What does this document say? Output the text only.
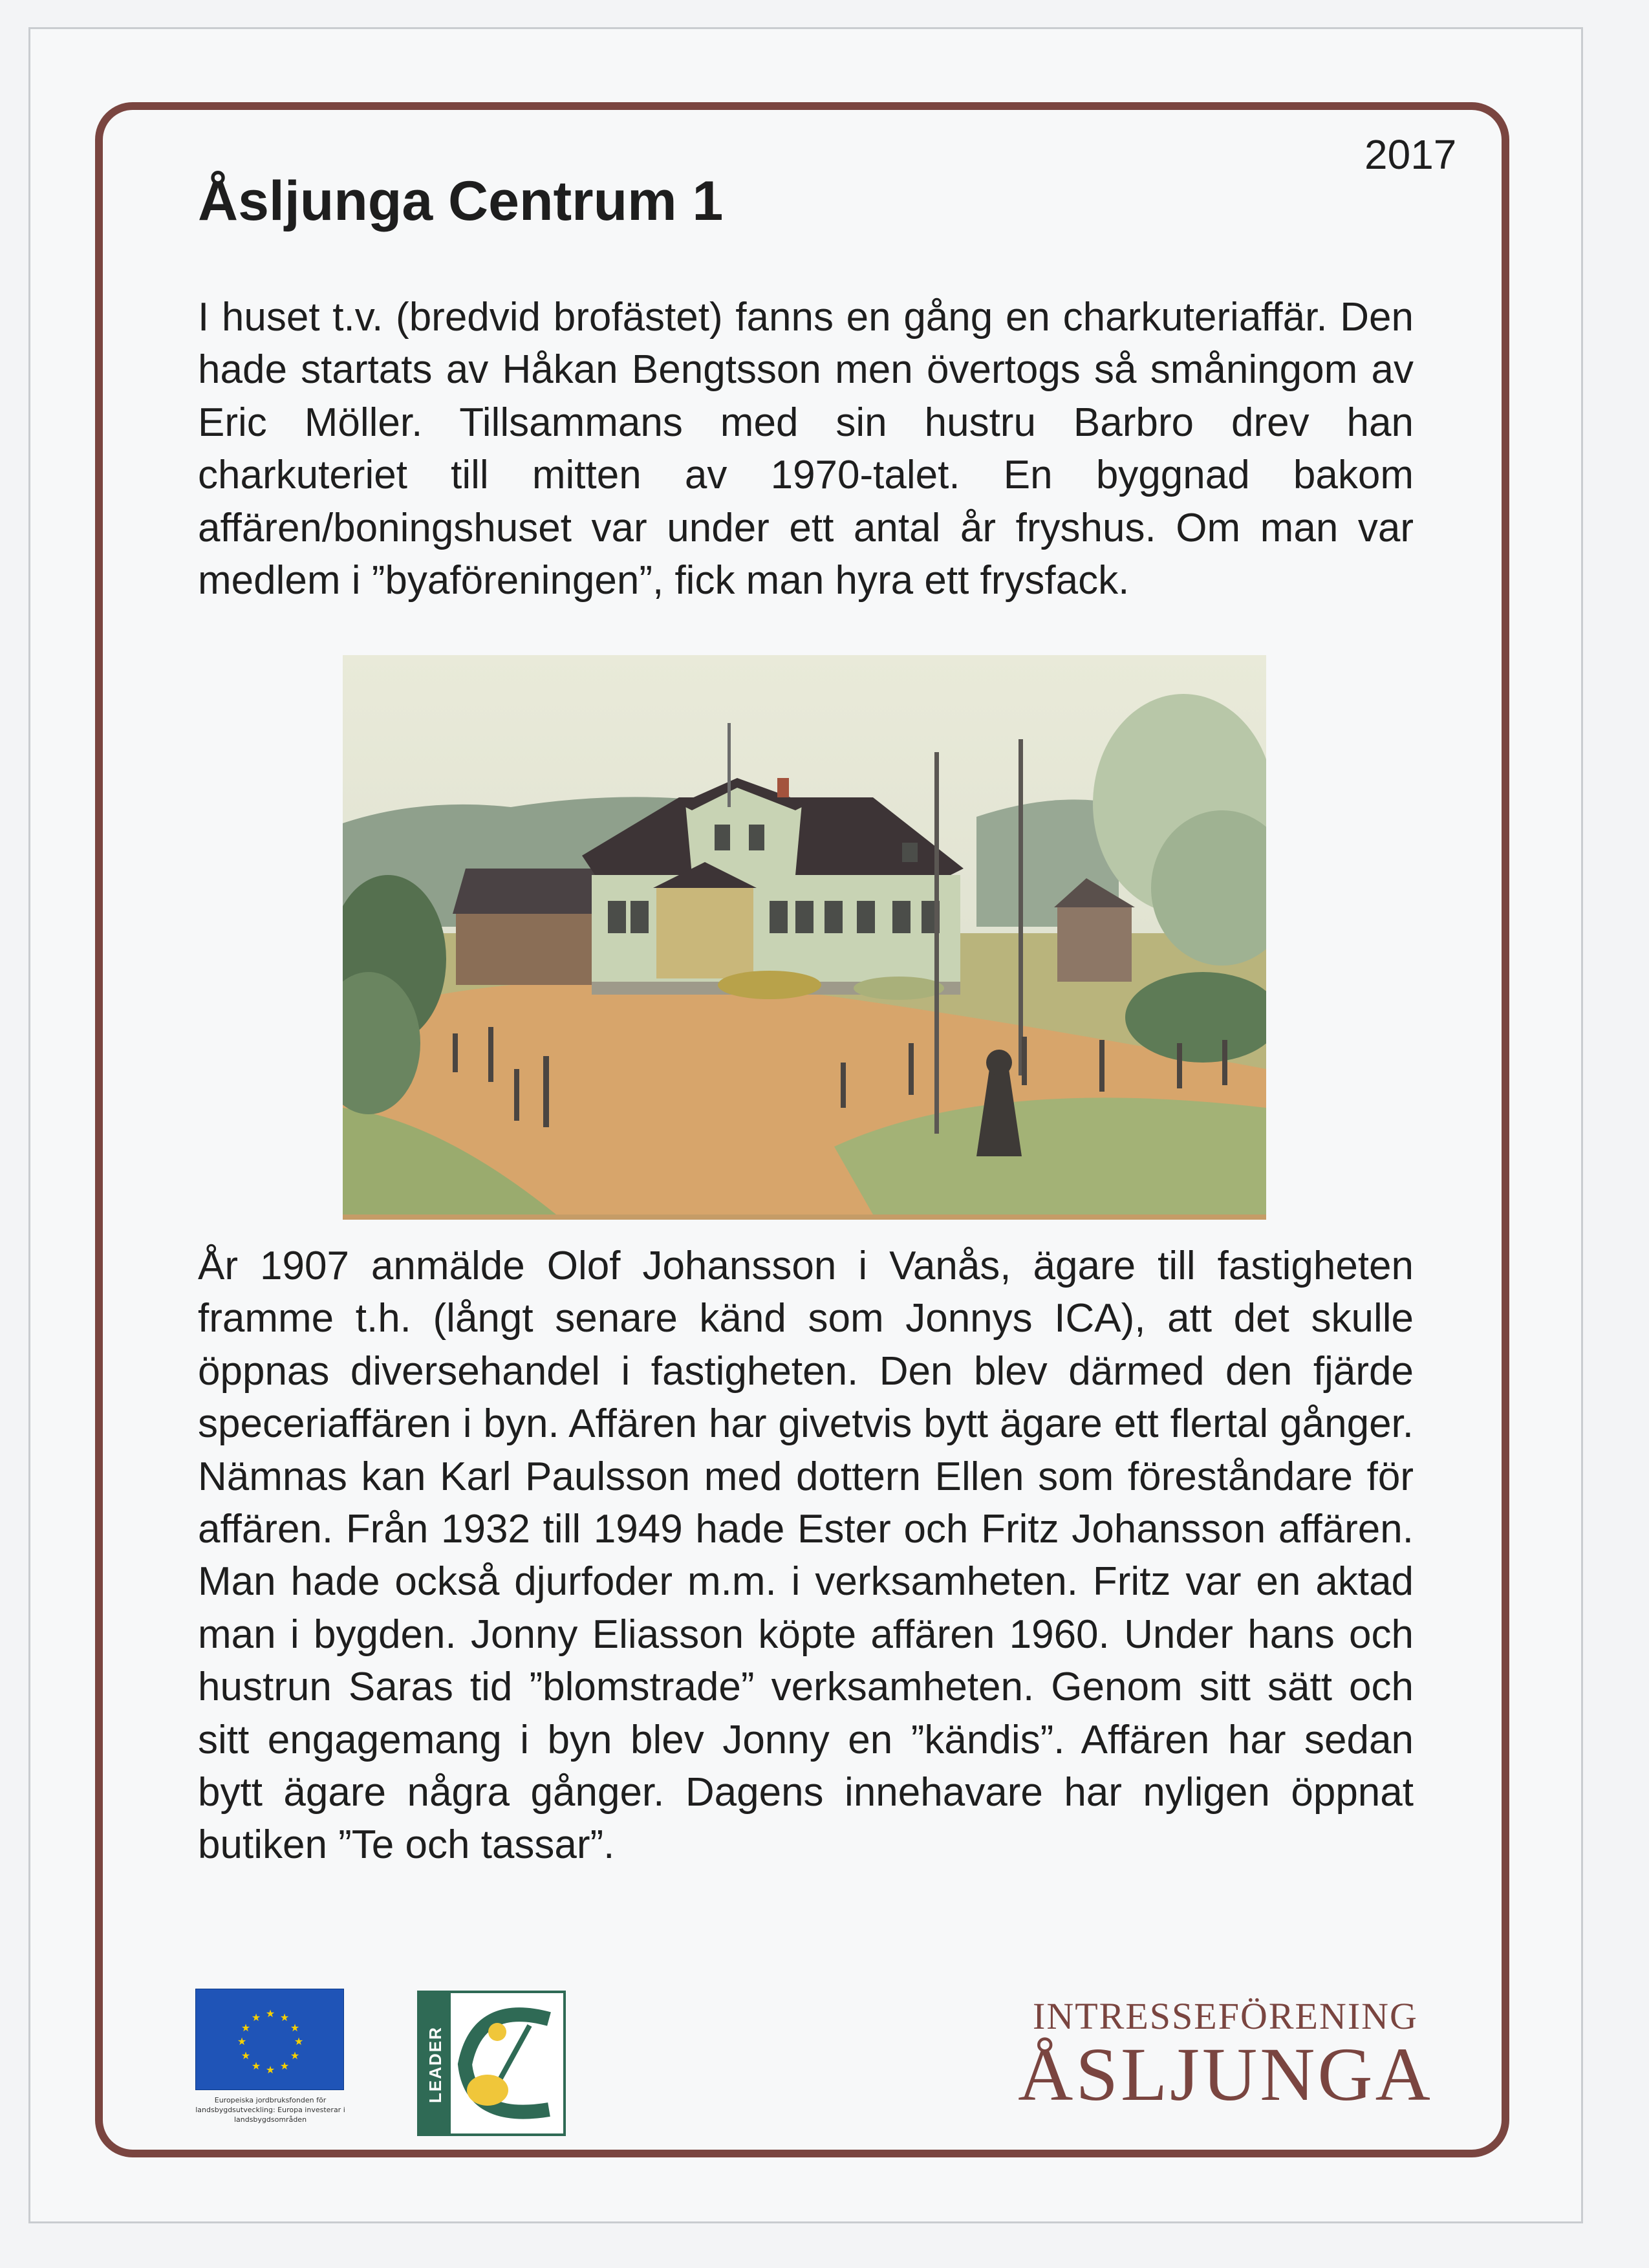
2017
Åsljunga Centrum 1

I huset t.v. (bredvid brofästet) fanns en gång en charkuteriaffär. Den hade startats av Håkan Bengtsson men övertogs så småningom av Eric Möller. Tillsammans med sin hustru Barbro drev han charkuteriet till mitten av 1970-talet. En byggnad bakom affären/boningshuset var under ett antal år fryshus. Om man var medlem i ”byaföreningen”, fick man hyra ett frysfack.

År 1907 anmälde Olof Johansson i Vanås, ägare till fastigheten framme t.h. (långt senare känd som Jonnys ICA), att det skulle öppnas diversehandel i fastigheten. Den blev därmed den fjärde speceriaffären i byn. Affären har givetvis bytt ägare ett flertal gånger. Nämnas kan Karl Paulsson med dottern Ellen som föreståndare för affären. Från 1932 till 1949 hade Ester och Fritz Johansson affären. Man hade också djurfoder m.m. i verksamheten. Fritz var en aktad man i bygden. Jonny Eliasson köpte affären 1960. Under hans och hustrun Saras tid ”blomstrade” verksamheten. Genom sitt sätt och sitt engagemang i byn blev Jonny en ”kändis”. Affären har sedan bytt ägare några gånger. Dagens innehavare har nyligen öppnat butiken ”Te och tassar”.

★ ★
★
★
★
★
★
★
★
★
★
★
Europeiska jordbruksfonden för landsbygdsutveckling: Europa investerar i landsbygdsområden
LEADER
INTRESSEFÖRENING
ÅSLJUNGA
